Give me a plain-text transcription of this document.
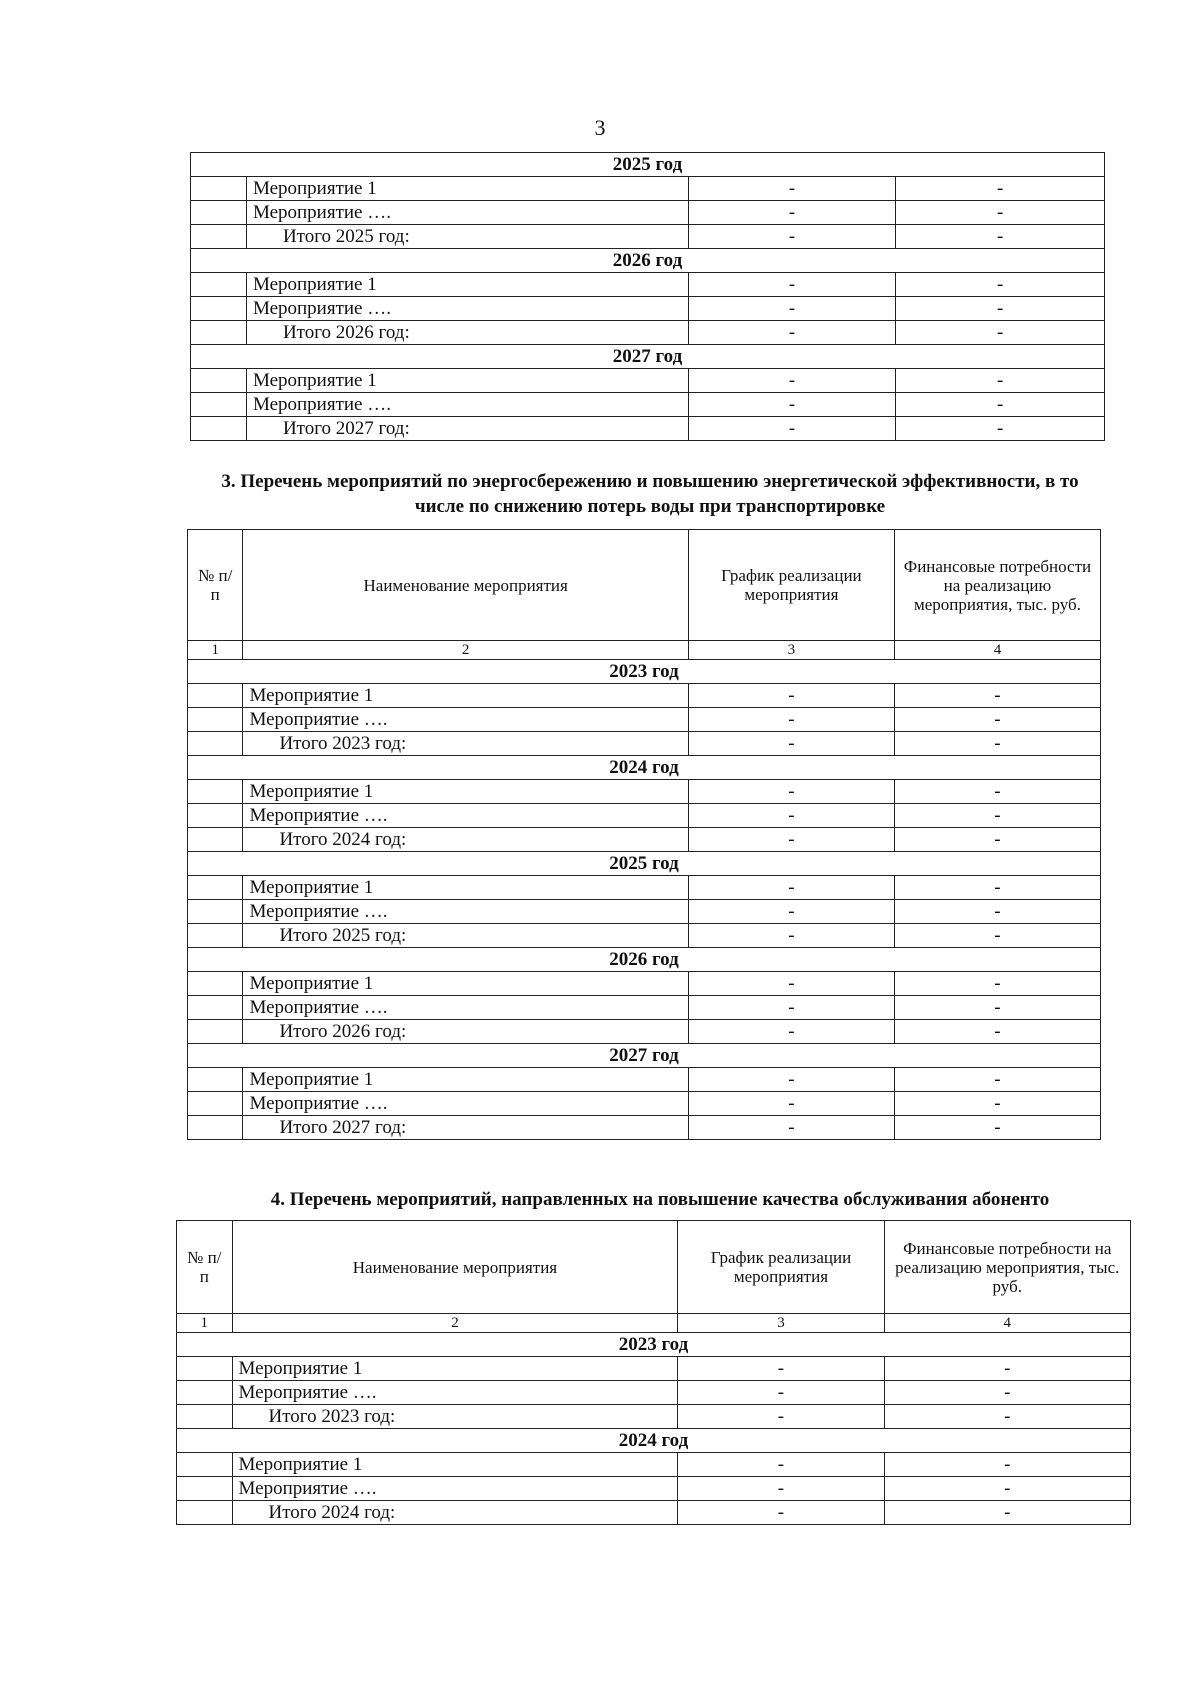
3
2025 год			
	Мероприятие 1	-	-
	Мероприятие ….	-	-
	Итого 2025 год:	-	-
2026 год			
	Мероприятие 1	-	-
	Мероприятие ….	-	-
	Итого 2026 год:	-	-
2027 год			
	Мероприятие 1	-	-
	Мероприятие ….	-	-
	Итого 2027 год:	-	-
3. Перечень мероприятий по энергосбережению и повышению энергетической эффективности, в то
числе по снижению потерь воды при транспортировке
№ п/п	Наименование мероприятия	График реализации мероприятия	Финансовые потребности на реализацию мероприятия, тыс. руб.
1	2	3	4
2023 год			
	Мероприятие 1	-	-
	Мероприятие ….	-	-
	Итого 2023 год:	-	-
2024 год			
	Мероприятие 1	-	-
	Мероприятие ….	-	-
	Итого 2024 год:	-	-
2025 год			
	Мероприятие 1	-	-
	Мероприятие ….	-	-
	Итого 2025 год:	-	-
2026 год			
	Мероприятие 1	-	-
	Мероприятие ….	-	-
	Итого 2026 год:	-	-
2027 год			
	Мероприятие 1	-	-
	Мероприятие ….	-	-
	Итого 2027 год:	-	-
4. Перечень мероприятий, направленных на повышение качества обслуживания абоненто
№ п/п	Наименование мероприятия	График реализации мероприятия	Финансовые потребности на реализацию мероприятия, тыс. руб.
1	2	3	4
2023 год			
	Мероприятие 1	-	-
	Мероприятие ….	-	-
	Итого 2023 год:	-	-
2024 год			
	Мероприятие 1	-	-
	Мероприятие ….	-	-
	Итого 2024 год:	-	-
